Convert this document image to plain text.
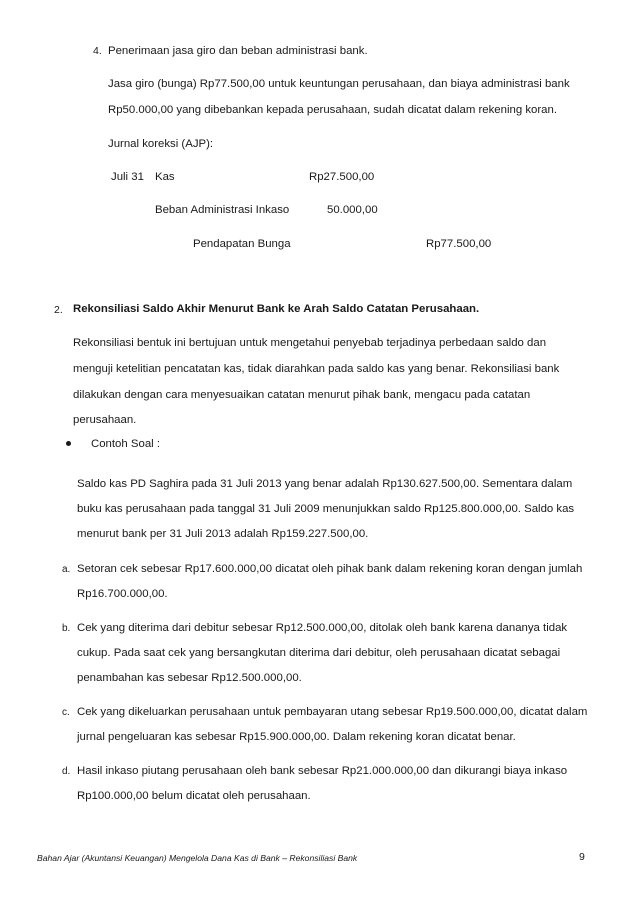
4. Penerimaan jasa giro dan beban administrasi bank.
Jasa giro (bunga) Rp77.500,00 untuk keuntungan perusahaan, dan biaya administrasi bank
Rp50.000,00 yang dibebankan kepada perusahaan, sudah dicatat dalam rekening koran.
Jurnal koreksi (AJP):
Juli 31 Kas	Rp27.500,00
Beban Administrasi Inkaso	50.000,00
Pendapatan Bunga	Rp77.500,00
2. Rekonsiliasi Saldo Akhir Menurut Bank ke Arah Saldo Catatan Perusahaan.
Rekonsiliasi bentuk ini bertujuan untuk mengetahui penyebab terjadinya perbedaan saldo dan
menguji ketelitian pencatatan kas, tidak diarahkan pada saldo kas yang benar. Rekonsiliasi bank
dilakukan dengan cara menyesuaikan catatan menurut pihak bank, mengacu pada catatan
perusahaan.
Contoh Soal :
Saldo kas PD Saghira pada 31 Juli 2013 yang benar adalah Rp130.627.500,00. Sementara dalam
buku kas perusahaan pada tanggal 31 Juli 2009 menunjukkan saldo Rp125.800.000,00. Saldo kas
menurut bank per 31 Juli 2013 adalah Rp159.227.500,00.
a. Setoran cek sebesar Rp17.600.000,00 dicatat oleh pihak bank dalam rekening koran dengan jumlah
Rp16.700.000,00.
b. Cek yang diterima dari debitur sebesar Rp12.500.000,00, ditolak oleh bank karena dananya tidak
cukup. Pada saat cek yang bersangkutan diterima dari debitur, oleh perusahaan dicatat sebagai
penambahan kas sebesar Rp12.500.000,00.
c. Cek yang dikeluarkan perusahaan untuk pembayaran utang sebesar Rp19.500.000,00, dicatat dalam
jurnal pengeluaran kas sebesar Rp15.900.000,00. Dalam rekening koran dicatat benar.
d. Hasil inkaso piutang perusahaan oleh bank sebesar Rp21.000.000,00 dan dikurangi biaya inkaso
Rp100.000,00 belum dicatat oleh perusahaan.
Bahan Ajar (Akuntansi Keuangan) Mengelola Dana Kas di Bank – Rekonsiliasi Bank	9
